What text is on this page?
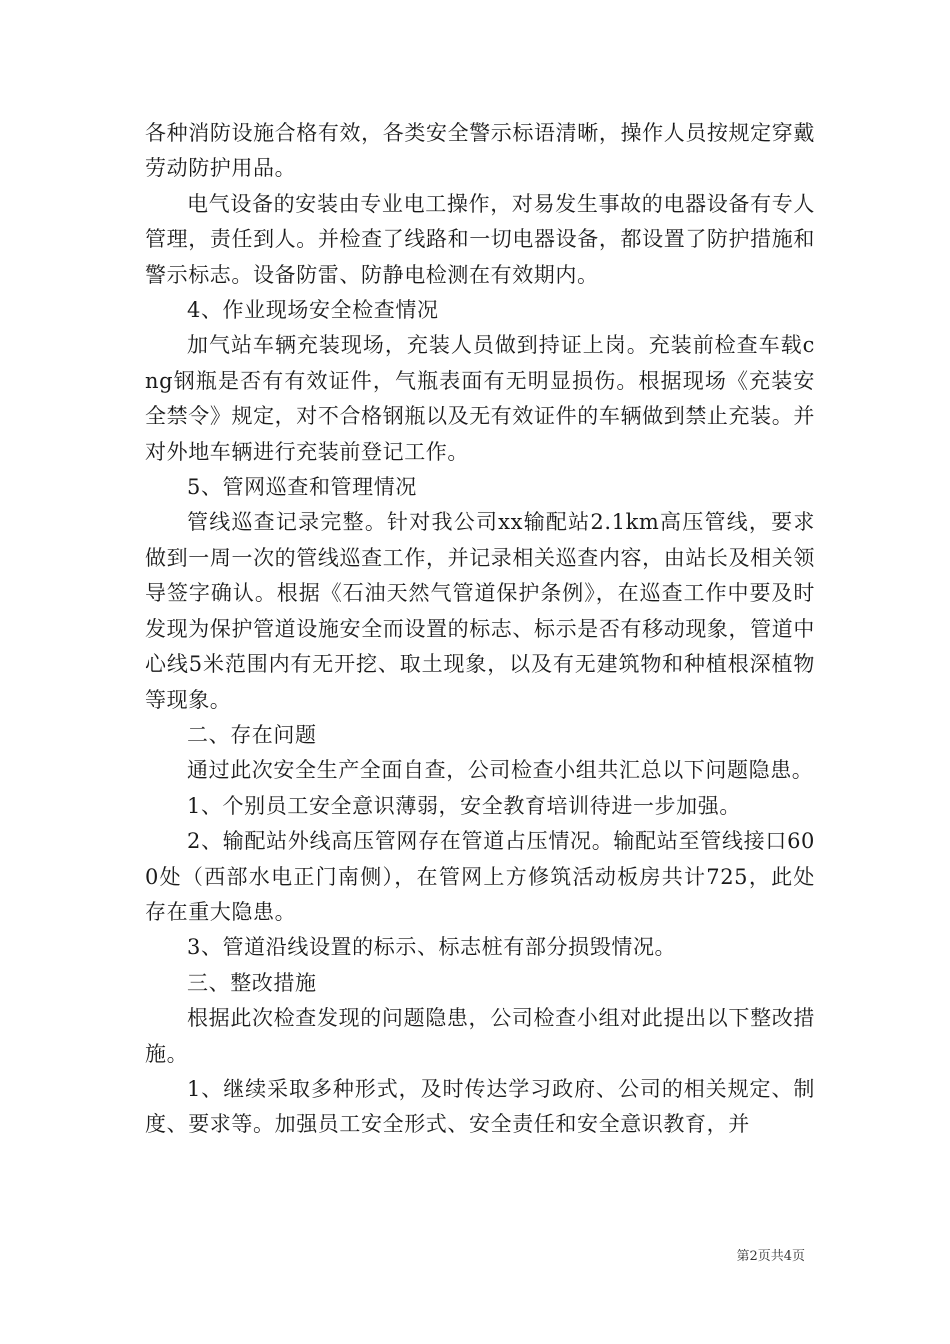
各种消防设施合格有效，各类安全警示标语清晰，操作人员按规定穿戴劳动防护用品。

电气设备的安装由专业电工操作，对易发生事故的电器设备有专人管理，责任到人。并检查了线路和一切电器设备，都设置了防护措施和警示标志。设备防雷、防静电检测在有效期内。

4、作业现场安全检查情况

加气站车辆充装现场，充装人员做到持证上岗。充装前检查车载cng钢瓶是否有有效证件，气瓶表面有无明显损伤。根据现场《充装安全禁令》规定，对不合格钢瓶以及无有效证件的车辆做到禁止充装。并对外地车辆进行充装前登记工作。

5、管网巡查和管理情况

管线巡查记录完整。针对我公司xx输配站2.1km高压管线，要求做到一周一次的管线巡查工作，并记录相关巡查内容，由站长及相关领导签字确认。根据《石油天然气管道保护条例》，在巡查工作中要及时发现为保护管道设施安全而设置的标志、标示是否有移动现象，管道中心线5米范围内有无开挖、取土现象，以及有无建筑物和种植根深植物等现象。

二、存在问题

通过此次安全生产全面自查，公司检查小组共汇总以下问题隐患。

1、个别员工安全意识薄弱，安全教育培训待进一步加强。

2、输配站外线高压管网存在管道占压情况。输配站至管线接口600处（西部水电正门南侧），在管网上方修筑活动板房共计725，此处存在重大隐患。

3、管道沿线设置的标示、标志桩有部分损毁情况。

三、整改措施

根据此次检查发现的问题隐患，公司检查小组对此提出以下整改措施。

1、继续采取多种形式，及时传达学习政府、公司的相关规定、制度、要求等。加强员工安全形式、安全责任和安全意识教育，并

第2页共4页
